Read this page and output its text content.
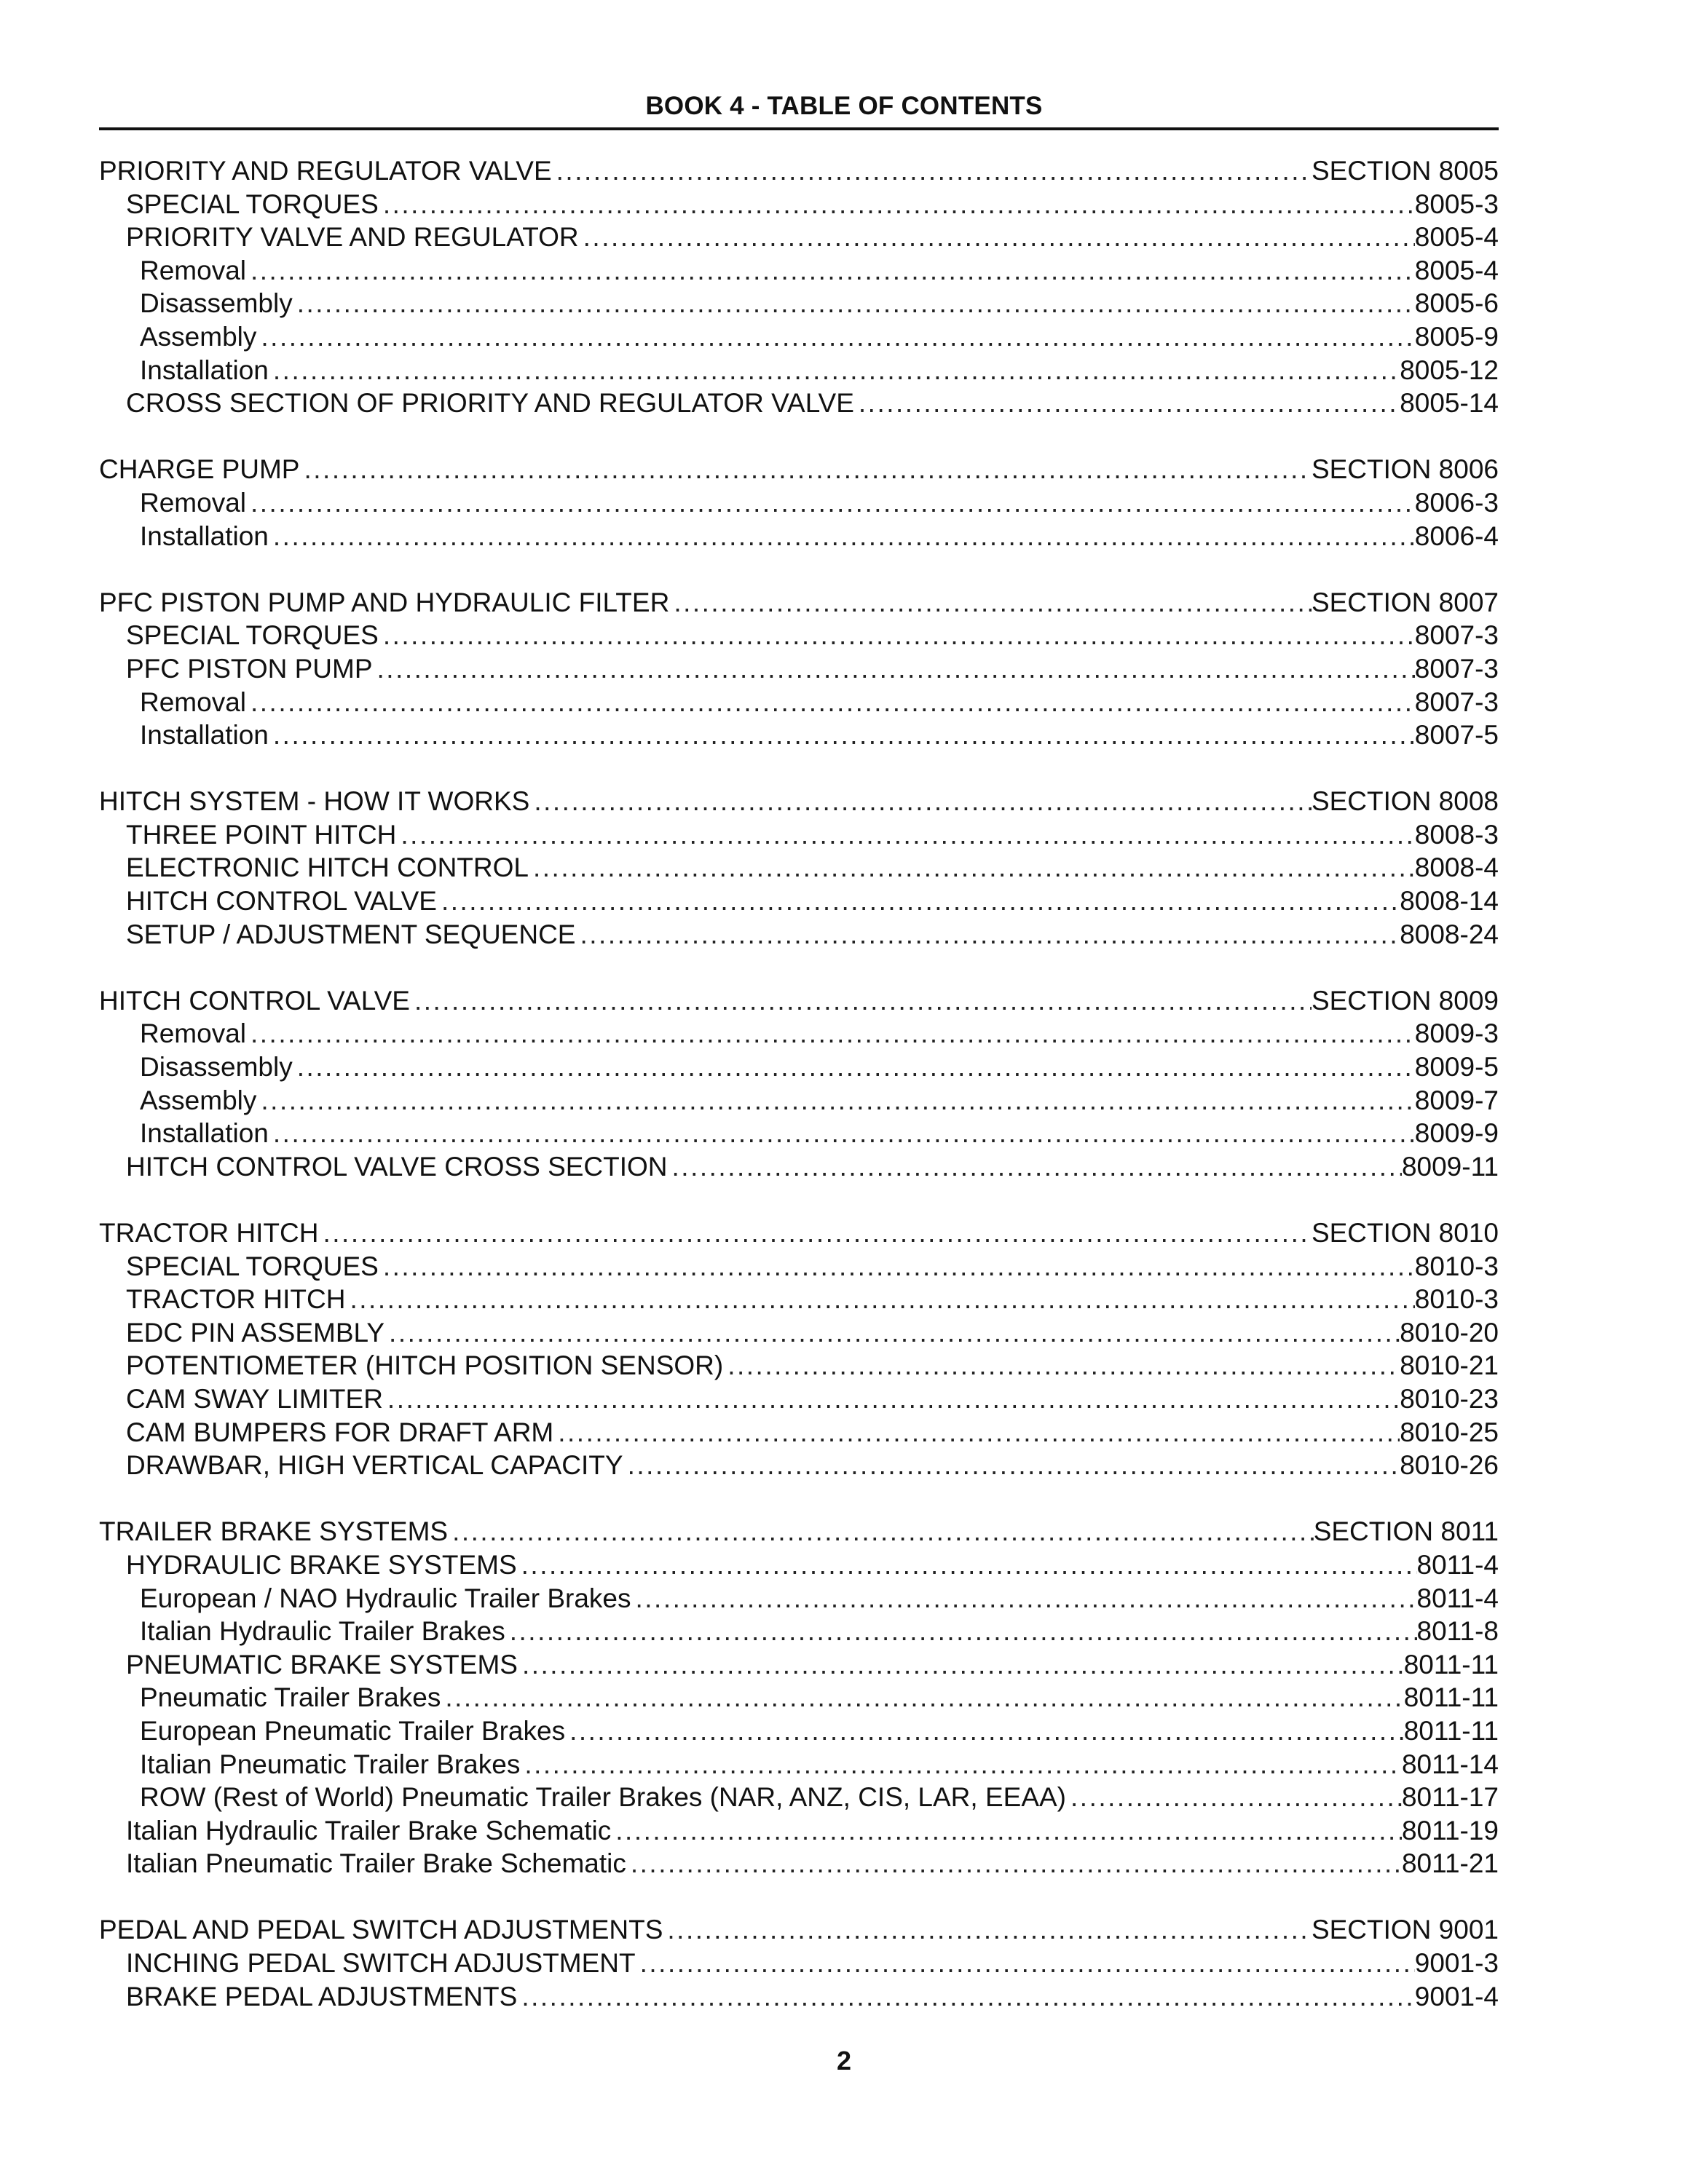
BOOK 4 - TABLE OF CONTENTS
PRIORITY AND REGULATOR VALVE .....	SECTION 8005
SPECIAL TORQUES .....	8005-3
PRIORITY VALVE AND REGULATOR .....	8005-4
Removal .....	8005-4
Disassembly .....	8005-6
Assembly .....	8005-9
Installation .....	8005-12
CROSS SECTION OF PRIORITY AND REGULATOR VALVE .....	8005-14
CHARGE PUMP .....	SECTION 8006
Removal .....	8006-3
Installation .....	8006-4
PFC PISTON PUMP AND HYDRAULIC FILTER .....	SECTION 8007
SPECIAL TORQUES .....	8007-3
PFC PISTON PUMP .....	8007-3
Removal .....	8007-3
Installation .....	8007-5
HITCH SYSTEM - HOW IT WORKS .....	SECTION 8008
THREE POINT HITCH .....	8008-3
ELECTRONIC HITCH CONTROL .....	8008-4
HITCH CONTROL VALVE .....	8008-14
SETUP / ADJUSTMENT SEQUENCE .....	8008-24
HITCH CONTROL VALVE .....	SECTION 8009
Removal .....	8009-3
Disassembly .....	8009-5
Assembly .....	8009-7
Installation .....	8009-9
HITCH CONTROL VALVE CROSS SECTION .....	8009-11
TRACTOR HITCH .....	SECTION 8010
SPECIAL TORQUES .....	8010-3
TRACTOR HITCH .....	8010-3
EDC PIN ASSEMBLY .....	8010-20
POTENTIOMETER (HITCH POSITION SENSOR) .....	8010-21
CAM SWAY LIMITER .....	8010-23
CAM BUMPERS FOR DRAFT ARM .....	8010-25
DRAWBAR, HIGH VERTICAL CAPACITY .....	8010-26
TRAILER BRAKE SYSTEMS .....	SECTION 8011
HYDRAULIC BRAKE SYSTEMS .....	8011-4
European / NAO Hydraulic Trailer Brakes .....	8011-4
Italian Hydraulic Trailer Brakes .....	8011-8
PNEUMATIC BRAKE SYSTEMS .....	8011-11
Pneumatic Trailer Brakes .....	8011-11
European Pneumatic Trailer Brakes .....	8011-11
Italian Pneumatic Trailer Brakes .....	8011-14
ROW (Rest of World) Pneumatic Trailer Brakes (NAR, ANZ, CIS, LAR, EEAA) .....	8011-17
Italian Hydraulic Trailer Brake Schematic .....	8011-19
Italian Pneumatic Trailer Brake Schematic .....	8011-21
PEDAL AND PEDAL SWITCH ADJUSTMENTS .....	SECTION 9001
INCHING PEDAL SWITCH ADJUSTMENT .....	9001-3
BRAKE PEDAL ADJUSTMENTS .....	9001-4
2
